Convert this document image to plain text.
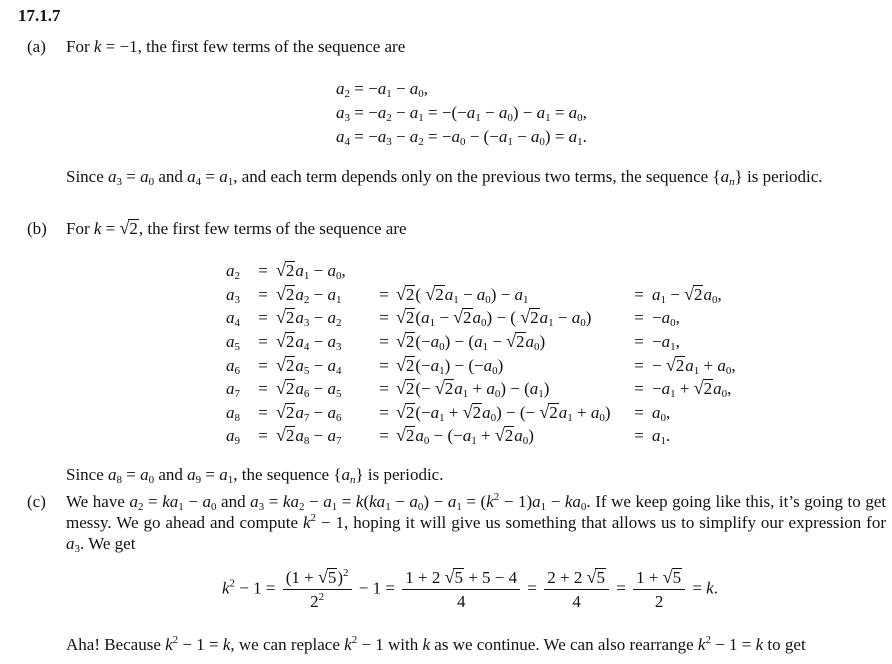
17.1.7
(a) For k = −1, the first few terms of the sequence are
$a_2 = -a_1 - a_0$,
$a_3 = -a_2 - a_1 = -(-a_1 - a_0) - a_1 = a_0$,
$a_4 = -a_3 - a_2 = -a_0 - (-a_1 - a_0) = a_1$.
Since $a_3 = a_0$ and $a_4 = a_1$, and each term depends only on the previous two terms, the sequence $\{a_n\}$ is periodic.
(b) For k = √2, the first few terms of the sequence are
$a_2$	=	$√2a_1 - a_0$,				
$a_3$	=	$√2a_2 - a_1$	=	√2( $√2a_1 - a_0) - a_1$	=	$a_1 - √2a_0$,
$a_4$	=	$√2a_3 - a_2$	=	$√2(a_1 - √2a_0)$ − ( $√2a_1 - a_0$)	=	$-a_0$,
$a_5$	=	$√2a_4 - a_3$	=	$√2(-a_0) - (a_1 - √2a_0)$	=	$-a_1$,
$a_6$	=	$√2a_5 - a_4$	=	$√2(-a_1) - (-a_0)$	=	− $√2a_1 + a_0$,
$a_7$	=	$√2a_6 - a_5$	=	$√2(- √2a_1 + a_0) - (a_1)$	=	$-a_1 + √2a_0$,
$a_8$	=	$√2a_7 - a_6$	=	$√2(-a_1 + √2a_0)$ − (− $√2a_1 + a_0$)	=	$a_0$,
$a_9$	=	$√2a_8 - a_7$	=	$√2a_0 - (-a_1 + √2a_0)$	=	$a_1$.
Since $a_8 = a_0$ and $a_9 = a_1$, the sequence $\{a_n\}$ is periodic.
(c) We have $a_2 = ka_1 - a_0$ and $a_3 = ka_2 - a_1 = k(ka_1 - a_0) - a_1 = (k^2 - 1)a_1 - ka_0$. If we keep going like this, it’s going to get messy. We go ahead and compute $k^2 - 1$, hoping it will give us something that allows us to simplify our expression for $a_3$. We get
$k^2 - 1 = \frac{(1 + √5)^2}{2^2} - 1 = \frac{1 + 2 √5 + 5 - 4}{4} = \frac{2 + 2 √5}{4} = \frac{1 + √5}{2} = k$.
Aha! Because $k^2 - 1 = k$, we can replace $k^2 - 1$ with k as we continue. We can also rearrange $k^2 - 1 = k$ to get
